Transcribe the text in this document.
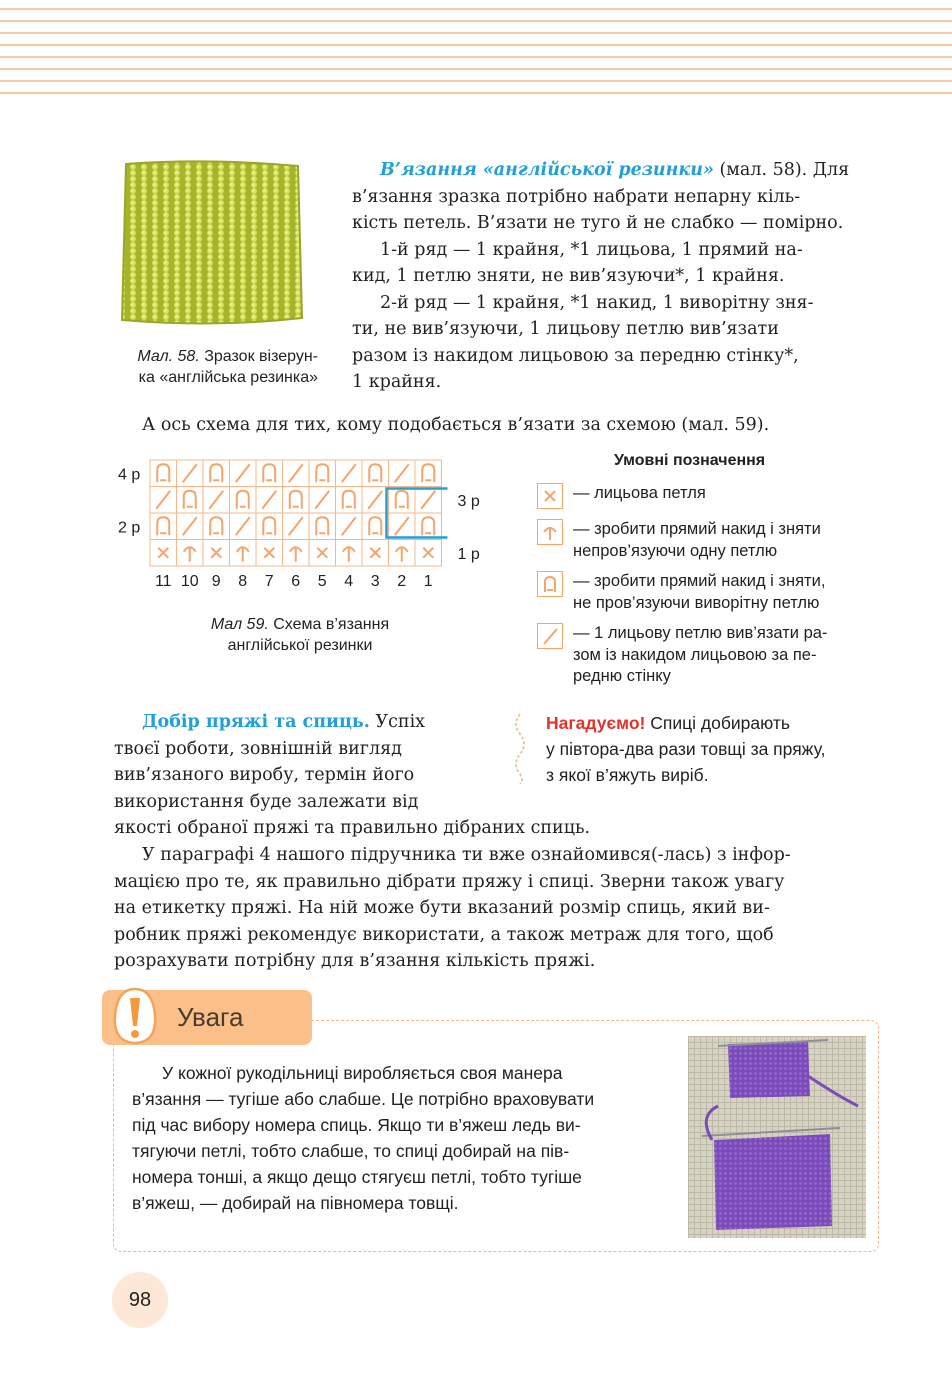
Мал. 58. Зразок візерун-
ка «англійська резинка»

В’язання «англійської резинки» (мал. 58). Для

в’язання зразка потрібно набрати непарну кіль-

кість петель. В’язати не туго й не слабко — помірно.

1-й ряд — 1 крайня, *1 лицьова, 1 прямий на-

кид, 1 петлю зняти, не вив’язуючи*, 1 крайня.

2-й ряд — 1 крайня, *1 накид, 1 виворітну зня-

ти, не вив’язуючи, 1 лицьову петлю вив’язати

разом із накидом лицьовою за передню стінку*,

1 крайня.

А ось схема для тих, кому подобається в’язати за схемою (мал. 59).
4 р
2 р
3 р
1 р
11 10 9 8 7 6 5 4 3 2 1
Мал 59. Схема в’язання
англійської резинки
Умовні позначення
— лицьова петля
— зробити прямий накид і зняти
непров’язуючи одну петлю
— зробити прямий накид і зняти,
не пров’язуючи виворітну петлю
— 1 лицьову петлю вив’язати ра-
зом із накидом лицьовою за пе-
редню стінку

Добір пряжі та спиць. Успіх

твоєї роботи, зовнішній вигляд

вив’язаного виробу, термін його

використання буде залежати від

якості обраної пряжі та правильно дібраних спиць.

Нагадуємо! Спиці добирають

у півтора-два рази товщі за пряжу,

з якої в’яжуть виріб.

У параграфі 4 нашого підручника ти вже ознайомився(-лась) з інфор-

мацією про те, як правильно дібрати пряжу і спиці. Зверни також увагу

на етикетку пряжі. На ній може бути вказаний розмір спиць, який ви-

робник пряжі рекомендує використати, а також метраж для того, щоб

розрахувати потрібну для в’язання кількість пряжі.

Увага

У кожної рукодільниці виробляється своя манера

в’язання — тугіше або слабше. Це потрібно враховувати

під час вибору номера спиць. Якщо ти в’яжеш ледь ви-

тягуючи петлі, тобто слабше, то спиці добирай на пів-

номера тонші, а якщо дещо стягуєш петлі, тобто тугіше

в’яжеш, — добирай на півномера товщі.

98
